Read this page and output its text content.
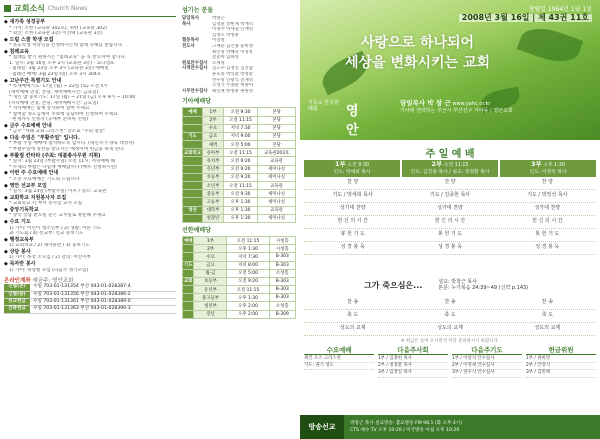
교회소식 Church News
◆ 새가족 성경공부
* 기이: 소한 (교육관 302호), 위한 (교육관 302)
* 외인: 소한 (교육관 3층) 이선택 (교육관 3층)
◆ 드림 스쿨 학생 모집
* 초등학생 저학년을 신청하시는데 함께 유해를 받습니다.
◆ 침례교육
* 침례를 받기 원하시는 "침례교육" 을 꼭 받으셔야 합니다.
1. 일시: 3월 16일 오후 2시 (교육관 3층) - 요나캠프
- 침례일: 3월 23일 오후 3시 (교육관 3층) 예배실
- 침례인 예배: 3월 23일 (일) 오후 3시 304호
◆ 고난주간 특별기도 안내
* 특새예배기도: 17일 (월) ~ 22일 (토) 오전 5시
(새벽예배 연장, 본당, 새벽예배시간: 금요일)
* 개인 밤 중보기도: 17일 (월) ~ 21일 (금) 오후 8시 ~ 10:00
(저녁예배 연장, 본당, 새벽예배시간: 금요일)
* 저녁예배는 함께 봉사하여 참여 주세요
* 참여할 성도님께서 주보에 응답하여 신청하여 주세요
- 현재까지 신청자 (공예부 준비위 신청)
◆ 금주 수요예배 안내
* 금주 "세례 교회 크리스천" 강조로 "주의 얼굴"
◆ 다음 주일은 "부활주일" 입니다.
* 부활 주일 예배에 참석하도록 합시다. (새신자가 양육 대상자)
* 부활주일에 성찬을 받으시는 예정이며 헌금을 하게 된다.
◆ 부활절 칸타타 (주최: 대불총사무원 지휘)
* 일시: 3월 23일 (부활주일) 오전 11시, 저녁예배 때
* 주제의 부활은 다함께 예배합시다 (매우 신청하시면)
◆ 이번 주 수요예배 안내
* 오전 수요예배는 기도회 드립니다
◆ 영안 선교부 모임
* 일시: 3월 23일 (부활주일) 이후 / 장소: 교육관
◆ 교회학교 지원봉사자 모집
* 교회학교 각 부서 봉사할 교사 모집
◆ 중앙기독학교
* 장학 상담 받으실 분은 교무실로 방문해 주세요
◆ 수요 기도
1) 가이: 어린이 청소년부 / 2) 생활: 이른 기도
3) 기도회 / 4) 선교부: 선교 중보기도
◆ 행정교육부
1) 교회학교 / 2) 제자훈련 / 3) 중보기도
◆ 상담 봉사
1) 가이: 목장 소모임 / 2) 강의: 어린이부
◆ 목자반 봉사
1) 가이: 목장별 모임 (다음주 정기모임)
온라인계좌 예금주: 영안교회
신협(본)	수일 703-01-131354 부산 043-01-028387-4
신협(분)	수일 703-01-131356 부산 043-01-028386-2
선교헌금	수일 703-01-131361 부산 043-01-028389-0
건축헌금	수일 703-01-131363 부산 043-01-028390-3
섬기는 분들
담임목사	박창근
목사	김경환 강현제 박재석
이정수 이세형 안재영
김정오 박정훈
협동목사	이상철
전도사	고재순 김건종 윤희정
최인정 박혜숙 이정옥
전준희 임하영
원로안수집사	오세영
시역안수집사	김도수 김정일 김진남
류호홍 박석환 박정환
선우영 안광식 전재영
조성기 주종환 허종미
시무안수집사	최일권 한정훈 권원영
기아예배당
예배	1부	오전 9:30	본당
	2부	오전 11:15	본당
	수요	저녁 7:30	본당
기도	금요	저녁 9:00	본당
	새벽	오전 5:00	본당
교회학교	유아부	오전 11:15	교육관203호
	유치부	오전 9:20	교육관
	유년부	오전 9:20	세미나실
	초등부	오전 9:20	세미나실
	소년부	오전 11:15	교육관
	중등부	오전 9:30	세미나실
	고등부	오후 1:30	세미나실
청년	대학부	오후 1:30	교육관
	청장년	오후 1:30	세미나실
선한예배당
예배	1부	오전 11:15	시청홀
	2부	오후 1:30	시청홀
	수요	저녁 7:30	B-303
기도	금요	저녁 8:00	B-303
	월·금	오전 5:00	소성홀
교회	초등부	오전 9:20	B-303
	유년부	오전 11:15	B-303
	중고등부	오후 1:30	B-303
	청년부	오후 2:00	소성홀
	장년	오후 2:00	B-309
창립일 1964년 1월 1일
2008년 3월 16일 | 제 43권 11호
사랑으로 하나되어
세상을 변화시키는 교회
기독교 한국침례회	영안
담임목사 박 창 근 www.yahc.or.kr
기사에 연락하는 부산시 부산진구 가야동 / 영안교회
주 일 예 배
1부 오전 9:30
인도: 박세희 목사
2부 오전 11:15
인도: 김진종 목사 / 설교: 정정환 목사
3부 오후 1:30
인도: 이정석 목사
찬 양	찬 양	찬 양
기도 / 박세희 목사	기도 / 김종현 목사	기도 / 박정석 목사
성가대 찬양	성가대 찬양	성가대 찬양
헌 신 의 시 간	헌 신 의 시 간	헌 신 의 시 간
봉 헌 기 도	봉 헌 기 도	봉 헌 기 도
성 경 봉 독	성 경 봉 독	성 경 봉 독
그가 죽으심은...	설교: 박창근 목사
본문: 누가복음 24:39~49 (신약 p.143)
찬 송	찬 송	찬 송
축 도	축 도	축 도
성도의 교제	성도의 교제	성도의 교제
※ 헌금은 들어 오시면서 미리 준비하시기 바랍니다.
수요예배
세건 오즈 크리스천
기도: 권기 성도
다음주사회
1부 / 김종현 목사
2부 / 정정환 목사
3부 / 김정일 목사
다음주기도
1부 / 이창석 안수집사
2부 / 이정세 안수집사
3부 / 전우식 안수집사
헌금위원
1부 / 권희영
2부 / 안장석
3부 / 김민택
방송선교	박창근 목사 설교방송: 불교방송 FM 98.1 (화 오후 4시)
CTS 예수 TV 오후 10:20 / 미국방송 아침 오후 10:20
